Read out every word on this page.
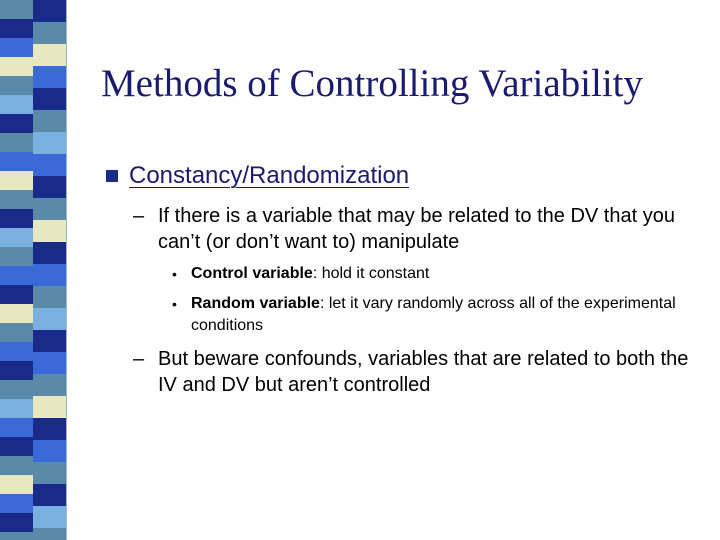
Methods of Controlling Variability
Constancy/Randomization
– If there is a variable that may be related to the DV that you can’t (or don’t want to) manipulate
• Control variable: hold it constant
• Random variable: let it vary randomly across all of the experimental conditions
– But beware confounds, variables that are related to both the IV and DV but aren’t controlled
